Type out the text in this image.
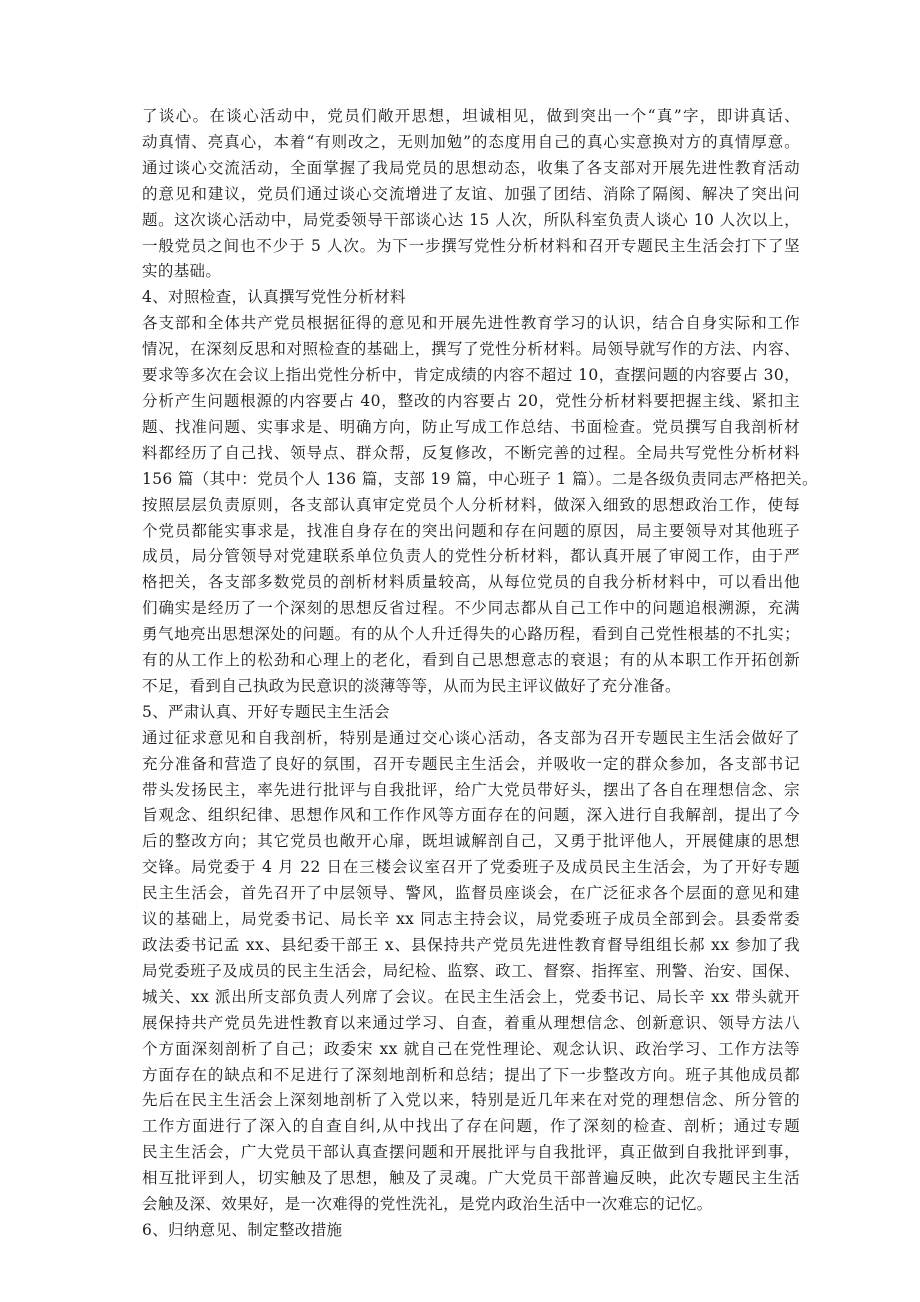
了谈心。在谈心活动中，党员们敞开思想，坦诚相见，做到突出一个“真”字，即讲真话、
动真情、亮真心，本着“有则改之，无则加勉”的态度用自己的真心实意换对方的真情厚意。
通过谈心交流活动，全面掌握了我局党员的思想动态，收集了各支部对开展先进性教育活动
的意见和建议，党员们通过谈心交流增进了友谊、加强了团结、消除了隔阂、解决了突出问
题。这次谈心活动中，局党委领导干部谈心达 15 人次，所队科室负责人谈心 10 人次以上，
一般党员之间也不少于 5 人次。为下一步撰写党性分析材料和召开专题民主生活会打下了坚
实的基础。
4、对照检查，认真撰写党性分析材料
各支部和全体共产党员根据征得的意见和开展先进性教育学习的认识，结合自身实际和工作
情况，在深刻反思和对照检查的基础上，撰写了党性分析材料。局领导就写作的方法、内容、
要求等多次在会议上指出党性分析中，肯定成绩的内容不超过 10，查摆问题的内容要占 30，
分析产生问题根源的内容要占 40，整改的内容要占 20，党性分析材料要把握主线、紧扣主
题、找准问题、实事求是、明确方向，防止写成工作总结、书面检查。党员撰写自我剖析材
料都经历了自己找、领导点、群众帮，反复修改，不断完善的过程。全局共写党性分析材料
156 篇（其中：党员个人 136 篇，支部 19 篇，中心班子 1 篇）。二是各级负责同志严格把关。
按照层层负责原则，各支部认真审定党员个人分析材料，做深入细致的思想政治工作，使每
个党员都能实事求是，找准自身存在的突出问题和存在问题的原因，局主要领导对其他班子
成员，局分管领导对党建联系单位负责人的党性分析材料，都认真开展了审阅工作，由于严
格把关，各支部多数党员的剖析材料质量较高，从每位党员的自我分析材料中，可以看出他
们确实是经历了一个深刻的思想反省过程。不少同志都从自己工作中的问题追根溯源，充满
勇气地亮出思想深处的问题。有的从个人升迁得失的心路历程，看到自己党性根基的不扎实；
有的从工作上的松劲和心理上的老化，看到自己思想意志的衰退；有的从本职工作开拓创新
不足，看到自己执政为民意识的淡薄等等，从而为民主评议做好了充分准备。
5、严肃认真、开好专题民主生活会
通过征求意见和自我剖析，特别是通过交心谈心活动，各支部为召开专题民主生活会做好了
充分准备和营造了良好的氛围，召开专题民主生活会，并吸收一定的群众参加，各支部书记
带头发扬民主，率先进行批评与自我批评，给广大党员带好头，摆出了各自在理想信念、宗
旨观念、组织纪律、思想作风和工作作风等方面存在的问题，深入进行自我解剖，提出了今
后的整改方向；其它党员也敞开心扉，既坦诚解剖自己，又勇于批评他人，开展健康的思想
交锋。局党委于 4 月 22 日在三楼会议室召开了党委班子及成员民主生活会，为了开好专题
民主生活会，首先召开了中层领导、警风，监督员座谈会，在广泛征求各个层面的意见和建
议的基础上，局党委书记、局长辛 xx 同志主持会议，局党委班子成员全部到会。县委常委
政法委书记孟 xx、县纪委干部王 x、县保持共产党员先进性教育督导组组长郝 xx 参加了我
局党委班子及成员的民主生活会，局纪检、监察、政工、督察、指挥室、刑警、治安、国保、
城关、xx 派出所支部负责人列席了会议。在民主生活会上，党委书记、局长辛 xx 带头就开
展保持共产党员先进性教育以来通过学习、自查，着重从理想信念、创新意识、领导方法八
个方面深刻剖析了自己；政委宋 xx 就自己在党性理论、观念认识、政治学习、工作方法等
方面存在的缺点和不足进行了深刻地剖析和总结；提出了下一步整改方向。班子其他成员都
先后在民主生活会上深刻地剖析了入党以来，特别是近几年来在对党的理想信念、所分管的
工作方面进行了深入的自查自纠,从中找出了存在问题，作了深刻的检查、剖析；通过专题
民主生活会，广大党员干部认真查摆问题和开展批评与自我批评，真正做到自我批评到事，
相互批评到人，切实触及了思想，触及了灵魂。广大党员干部普遍反映，此次专题民主生活
会触及深、效果好，是一次难得的党性洗礼，是党内政治生活中一次难忘的记忆。
6、归纳意见、制定整改措施
